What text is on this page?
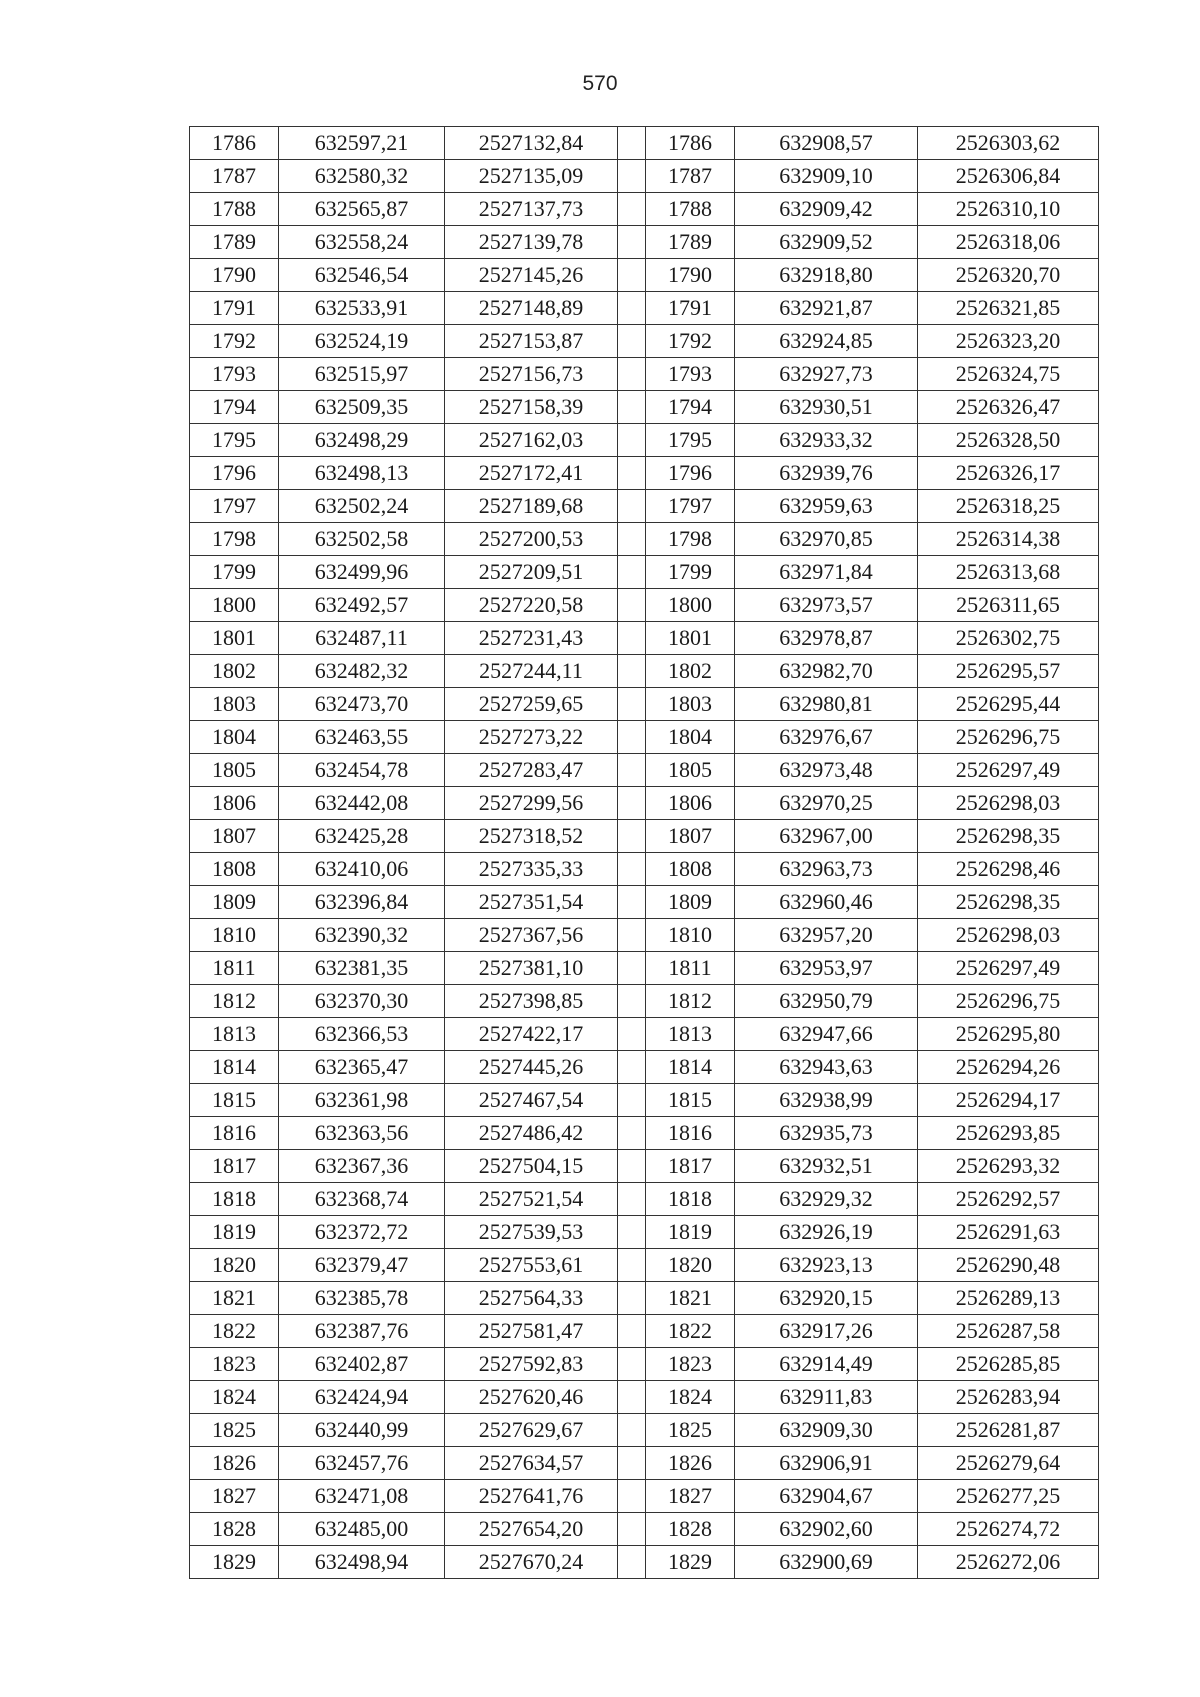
570
1786	632597,21	2527132,84		1786	632908,57	2526303,62
1787	632580,32	2527135,09		1787	632909,10	2526306,84
1788	632565,87	2527137,73		1788	632909,42	2526310,10
1789	632558,24	2527139,78		1789	632909,52	2526318,06
1790	632546,54	2527145,26		1790	632918,80	2526320,70
1791	632533,91	2527148,89		1791	632921,87	2526321,85
1792	632524,19	2527153,87		1792	632924,85	2526323,20
1793	632515,97	2527156,73		1793	632927,73	2526324,75
1794	632509,35	2527158,39		1794	632930,51	2526326,47
1795	632498,29	2527162,03		1795	632933,32	2526328,50
1796	632498,13	2527172,41		1796	632939,76	2526326,17
1797	632502,24	2527189,68		1797	632959,63	2526318,25
1798	632502,58	2527200,53		1798	632970,85	2526314,38
1799	632499,96	2527209,51		1799	632971,84	2526313,68
1800	632492,57	2527220,58		1800	632973,57	2526311,65
1801	632487,11	2527231,43		1801	632978,87	2526302,75
1802	632482,32	2527244,11		1802	632982,70	2526295,57
1803	632473,70	2527259,65		1803	632980,81	2526295,44
1804	632463,55	2527273,22		1804	632976,67	2526296,75
1805	632454,78	2527283,47		1805	632973,48	2526297,49
1806	632442,08	2527299,56		1806	632970,25	2526298,03
1807	632425,28	2527318,52		1807	632967,00	2526298,35
1808	632410,06	2527335,33		1808	632963,73	2526298,46
1809	632396,84	2527351,54		1809	632960,46	2526298,35
1810	632390,32	2527367,56		1810	632957,20	2526298,03
1811	632381,35	2527381,10		1811	632953,97	2526297,49
1812	632370,30	2527398,85		1812	632950,79	2526296,75
1813	632366,53	2527422,17		1813	632947,66	2526295,80
1814	632365,47	2527445,26		1814	632943,63	2526294,26
1815	632361,98	2527467,54		1815	632938,99	2526294,17
1816	632363,56	2527486,42		1816	632935,73	2526293,85
1817	632367,36	2527504,15		1817	632932,51	2526293,32
1818	632368,74	2527521,54		1818	632929,32	2526292,57
1819	632372,72	2527539,53		1819	632926,19	2526291,63
1820	632379,47	2527553,61		1820	632923,13	2526290,48
1821	632385,78	2527564,33		1821	632920,15	2526289,13
1822	632387,76	2527581,47		1822	632917,26	2526287,58
1823	632402,87	2527592,83		1823	632914,49	2526285,85
1824	632424,94	2527620,46		1824	632911,83	2526283,94
1825	632440,99	2527629,67		1825	632909,30	2526281,87
1826	632457,76	2527634,57		1826	632906,91	2526279,64
1827	632471,08	2527641,76		1827	632904,67	2526277,25
1828	632485,00	2527654,20		1828	632902,60	2526274,72
1829	632498,94	2527670,24		1829	632900,69	2526272,06
